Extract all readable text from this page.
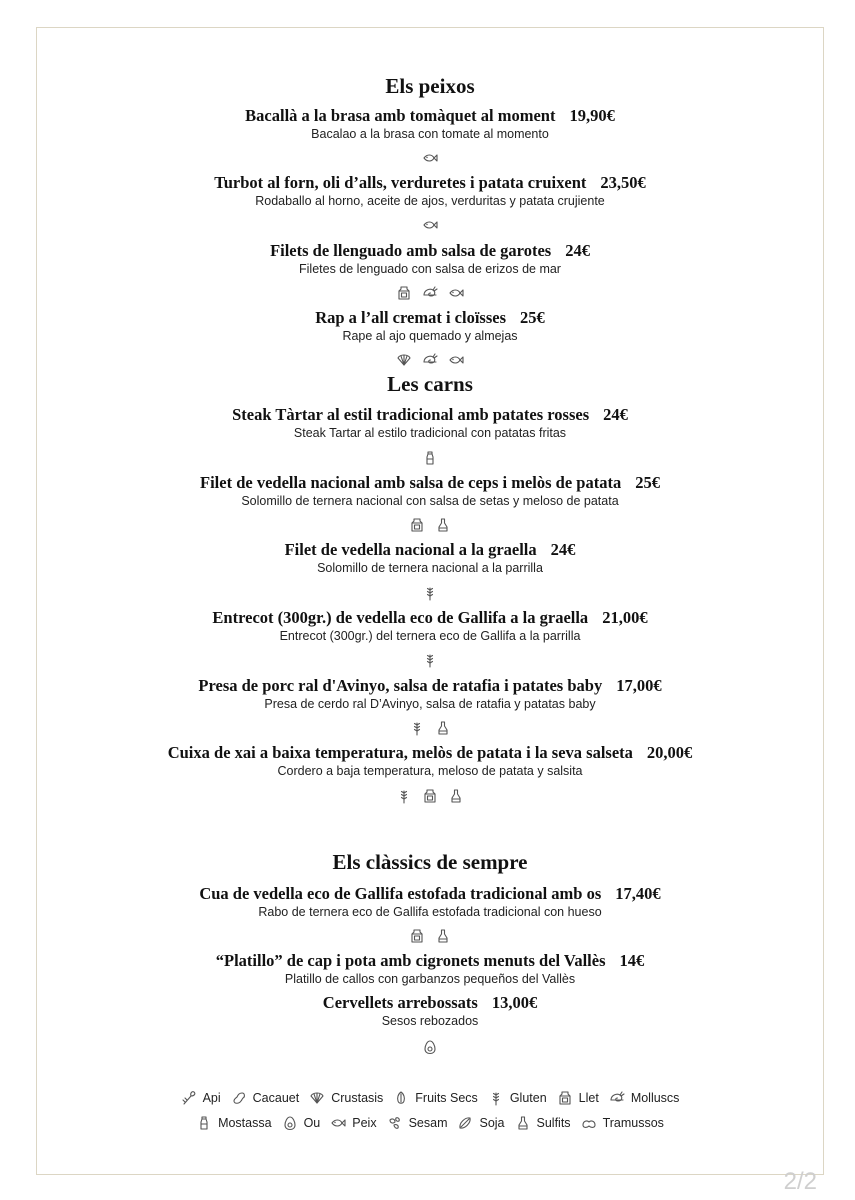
Els peixos
Bacallà a la brasa amb tomàquet al moment 19,90€
Bacalao a la brasa con tomate al momento
Turbot al forn, oli d’alls, verduretes i patata cruixent 23,50€
Rodaballo al horno, aceite de ajos, verduritas y patata crujiente
Filets de llenguado amb salsa de garotes 24€
Filetes de lenguado con salsa de erizos de mar
Rap a l’all cremat i cloïsses 25€
Rape al ajo quemado y almejas
Les carns
Steak Tàrtar al estil tradicional amb patates rosses 24€
Steak Tartar al estilo tradicional con patatas fritas
Filet de vedella nacional amb salsa de ceps i melòs de patata 25€
Solomillo de ternera nacional con salsa de setas y meloso de patata
Filet de vedella nacional a la graella 24€
Solomillo de ternera nacional a la parrilla
Entrecot (300gr.) de vedella eco de Gallifa a la graella 21,00€
Entrecot (300gr.) del ternera eco de Gallifa a la parrilla
Presa de porc ral d'Avinyo, salsa de ratafia i patates baby 17,00€
Presa de cerdo ral D’Avinyo, salsa de ratafia y patatas baby
Cuixa de xai a baixa temperatura, melòs de patata i la seva salseta 20,00€
Cordero a baja temperatura, meloso de patata y salsita
Els clàssics de sempre
Cua de vedella eco de Gallifa estofada tradicional amb os 17,40€
Rabo de ternera eco de Gallifa estofada tradicional con hueso
“Platillo” de cap i pota amb cigronets menuts del Vallès 14€
Platillo de callos con garbanzos pequeños del Vallès
Cervellets arrebossats 13,00€
Sesos rebozados
Api	Cacauet	Crustasis	Fruits Secs	Gluten	Llet	Molluscs
Mostassa	Ou	Peix	Sesam	Soja	Sulfits	Tramussos
2/2
